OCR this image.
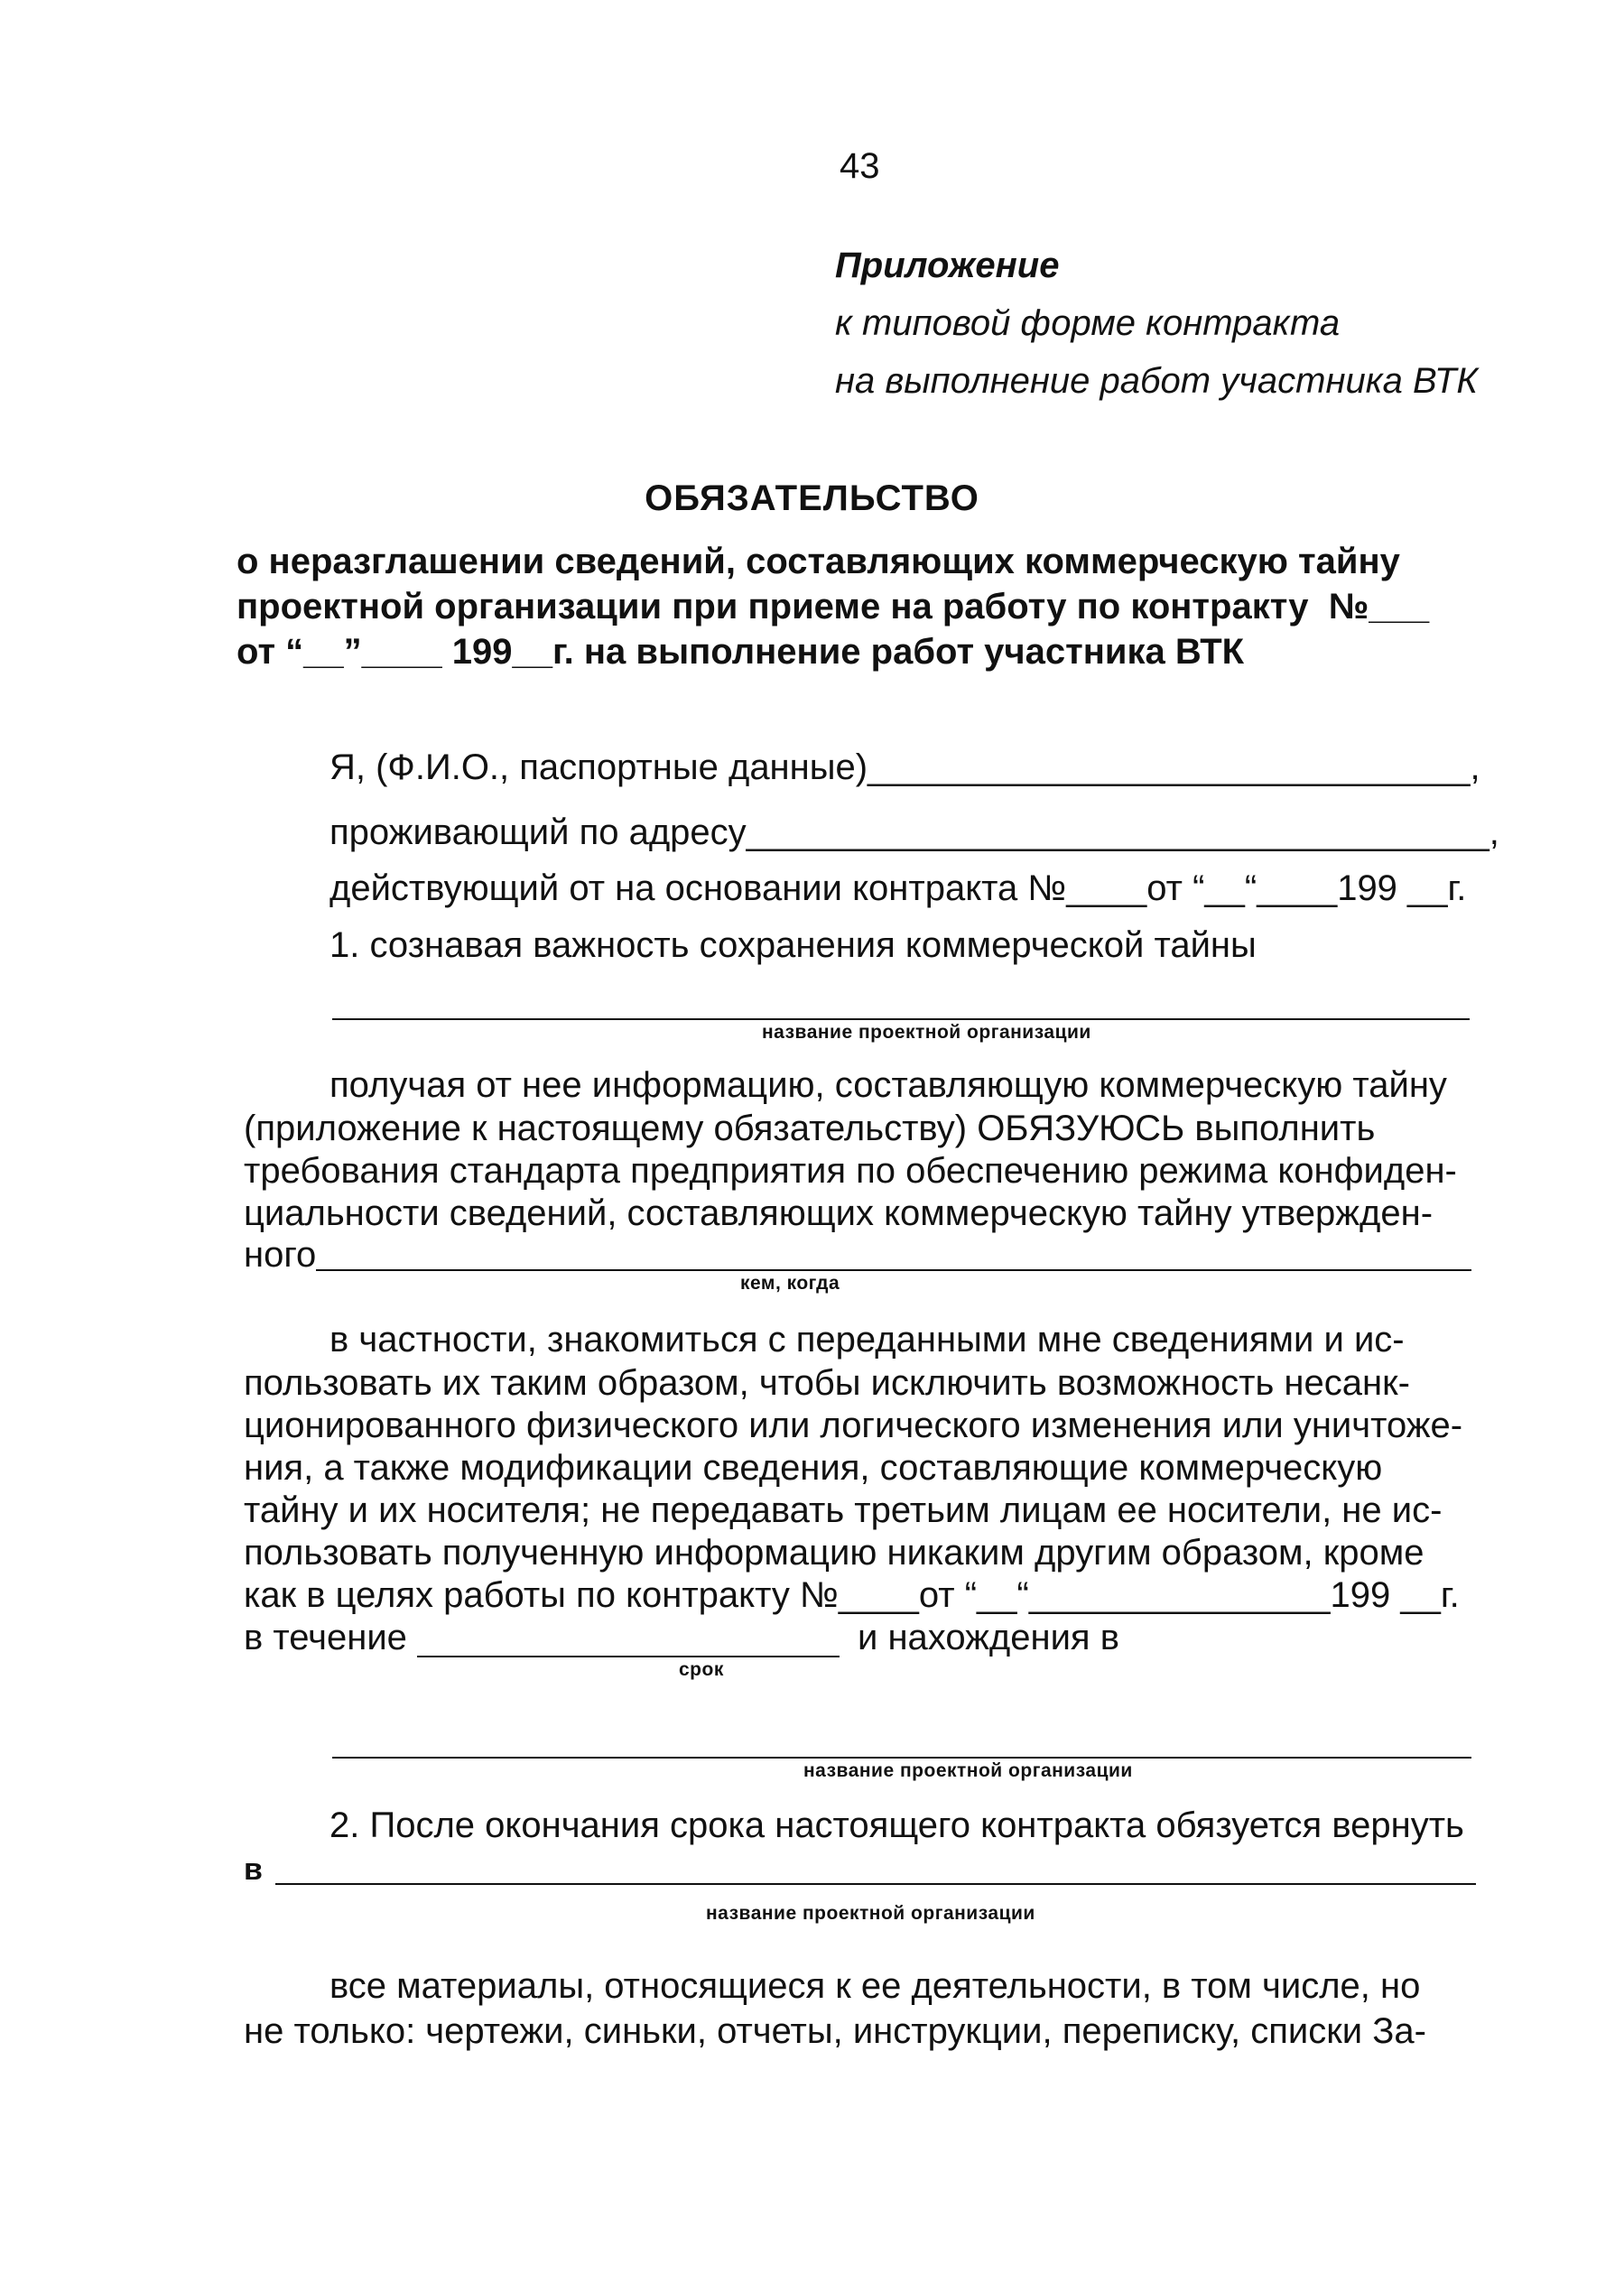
43
Приложение
к типовой форме контракта
на выполнение работ участника ВТК
ОБЯЗАТЕЛЬСТВО
о неразглашении сведений, составляющих коммерческую тайну
проектной организации при приеме на работу по контракту  №___
от “__”____ 199__г. на выполнение работ участника ВТК
Я, (Ф.И.О., паспортные данные)______________________________,
проживающий по адресу_____________________________________,
действующий от на основании контракта №____от “__“____199 __г.
1. сознавая важность сохранения коммерческой тайны
название проектной организации
получая от нее информацию, составляющую коммерческую тайну
(приложение к настоящему обязательству) ОБЯЗУЮСЬ выполнить
требования стандарта предприятия по обеспечению режима конфиден-
циальности сведений, составляющих коммерческую тайну утвержден-
ного
кем, когда
в частности, знакомиться с переданными мне сведениями и ис-
пользовать их таким образом, чтобы исключить возможность несанк-
ционированного физического или логического изменения или уничтоже-
ния, а также модификации сведения, составляющие коммерческую
тайну и их носителя; не передавать третьим лицам ее носители, не ис-
пользовать полученную информацию никаким другим образом, кроме
как в целях работы по контракту №____от “__“_______________199 __г.
в течение	и нахождения в
срок
название проектной организации
2. После окончания срока настоящего контракта обязуется вернуть
в
название проектной организации
все материалы, относящиеся к ее деятельности, в том числе, но
не только: чертежи, синьки, отчеты, инструкции, переписку, списки За-
